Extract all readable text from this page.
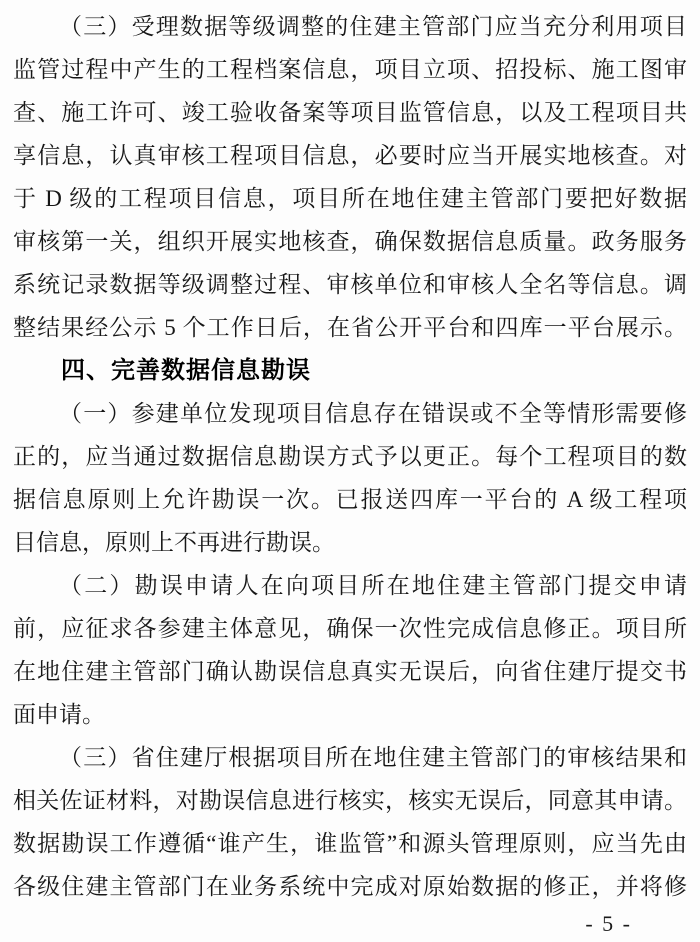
（三）受理数据等级调整的住建主管部门应当充分利用项目
监管过程中产生的工程档案信息，项目立项、招投标、施工图审
查、施工许可、竣工验收备案等项目监管信息，以及工程项目共
享信息，认真审核工程项目信息，必要时应当开展实地核查。对
于 D 级的工程项目信息，项目所在地住建主管部门要把好数据
审核第一关，组织开展实地核查，确保数据信息质量。政务服务
系统记录数据等级调整过程、审核单位和审核人全名等信息。调
整结果经公示 5 个工作日后，在省公开平台和四库一平台展示。
四、完善数据信息勘误
（一）参建单位发现项目信息存在错误或不全等情形需要修
正的，应当通过数据信息勘误方式予以更正。每个工程项目的数
据信息原则上允许勘误一次。已报送四库一平台的 A 级工程项
目信息，原则上不再进行勘误。
（二）勘误申请人在向项目所在地住建主管部门提交申请
前，应征求各参建主体意见，确保一次性完成信息修正。项目所
在地住建主管部门确认勘误信息真实无误后，向省住建厅提交书
面申请。
（三）省住建厅根据项目所在地住建主管部门的审核结果和
相关佐证材料，对勘误信息进行核实，核实无误后，同意其申请。
数据勘误工作遵循“谁产生，谁监管”和源头管理原则，应当先由
各级住建主管部门在业务系统中完成对原始数据的修正，并将修
- 5 -
